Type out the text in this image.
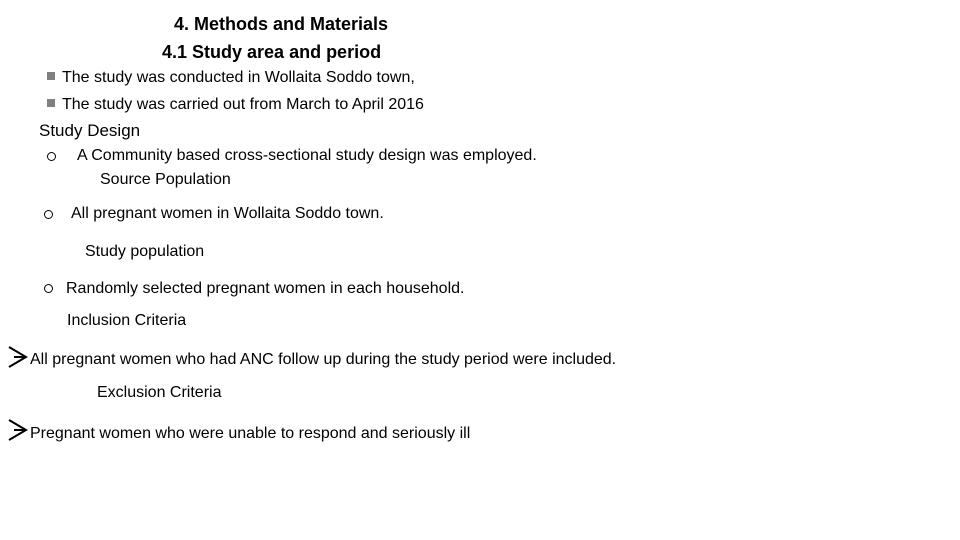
4. Methods and Materials
4.1 Study area and period
The study was conducted in Wollaita Soddo town,
The study was carried out from March to April 2016
Study Design
A Community based cross-sectional study design was employed.
Source Population
All pregnant women in Wollaita Soddo town.
Study population
Randomly selected pregnant women in each household.
Inclusion Criteria
All pregnant women who had ANC follow up during the study period were included.
Exclusion Criteria
Pregnant women who were unable to respond and seriously ill
